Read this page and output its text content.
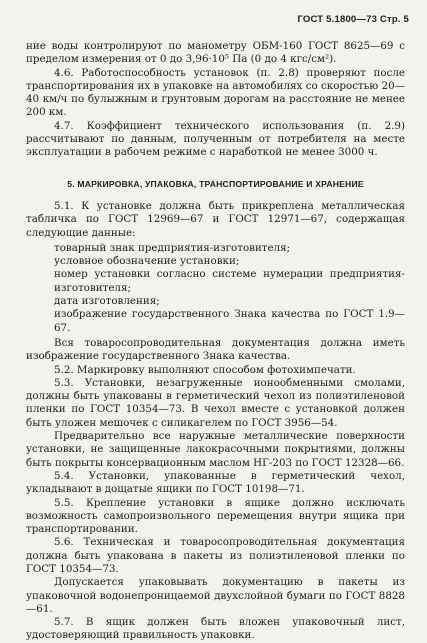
ГОСТ 5.1800—73 Стр. 5

ние воды контролируют по манометру ОБМ-160 ГОСТ 8625—69 с пределом измерения от 0 до 3,96·10⁵ Па (0 до 4 кгс/см²).

4.6. Работоспособность установок (п. 2.8) проверяют после транспортирования их в упаковке на автомобилях со скоростью 20—40 км/ч по булыжным и грунтовым дорогам на расстояние не менее 200 км.

4.7. Коэффициент технического использования (п. 2.9) рассчитывают по данным, полученным от потребителя на месте эксплуатации в рабочем режиме с наработкой не менее 3000 ч.

5. МАРКИРОВКА, УПАКОВКА, ТРАНСПОРТИРОВАНИЕ И ХРАНЕНИЕ

5.1. К установке должна быть прикреплена металлическая табличка по ГОСТ 12969—67 и ГОСТ 12971—67, содержащая следующие данные:

товарный знак предприятия-изготовителя;

условное обозначение установки;

номер установки согласно системе нумерации предприятия-изготовителя;

дата изготовления;

изображение государственного Знака качества по ГОСТ 1.9—67.

Вся товаросопроводительная документация должна иметь изображение государственного Знака качества.

5.2. Маркировку выполняют способом фотохимпечати.

5.3. Установки, незагруженные ионообменными смолами, должны быть упакованы в герметический чехол из полиэтиленовой пленки по ГОСТ 10354—73. В чехол вместе с установкой должен быть уложен мешочек с силикагелем по ГОСТ 3956—54.

Предварительно все наружные металлические поверхности установки, не защищенные лакокрасочными покрытиями, должны быть покрыты консервационным маслом НГ-203 по ГОСТ 12328—66.

5.4. Установки, упакованные в герметический чехол, укладывают в дощатые ящики по ГОСТ 10198—71.

5.5. Крепление установки в ящике должно исключать возможность самопроизвольного перемещения внутри ящика при транспортировании.

5.6. Техническая и товаросопроводительная документация должна быть упакована в пакеты из полиэтиленовой пленки по ГОСТ 10354—73.

Допускается упаковывать документацию в пакеты из упаковочной водонепроницаемой двухслойной бумаги по ГОСТ 8828—61.

5.7. В ящик должен быть вложен упаковочный лист, удостоверяющий правильность упаковки.
